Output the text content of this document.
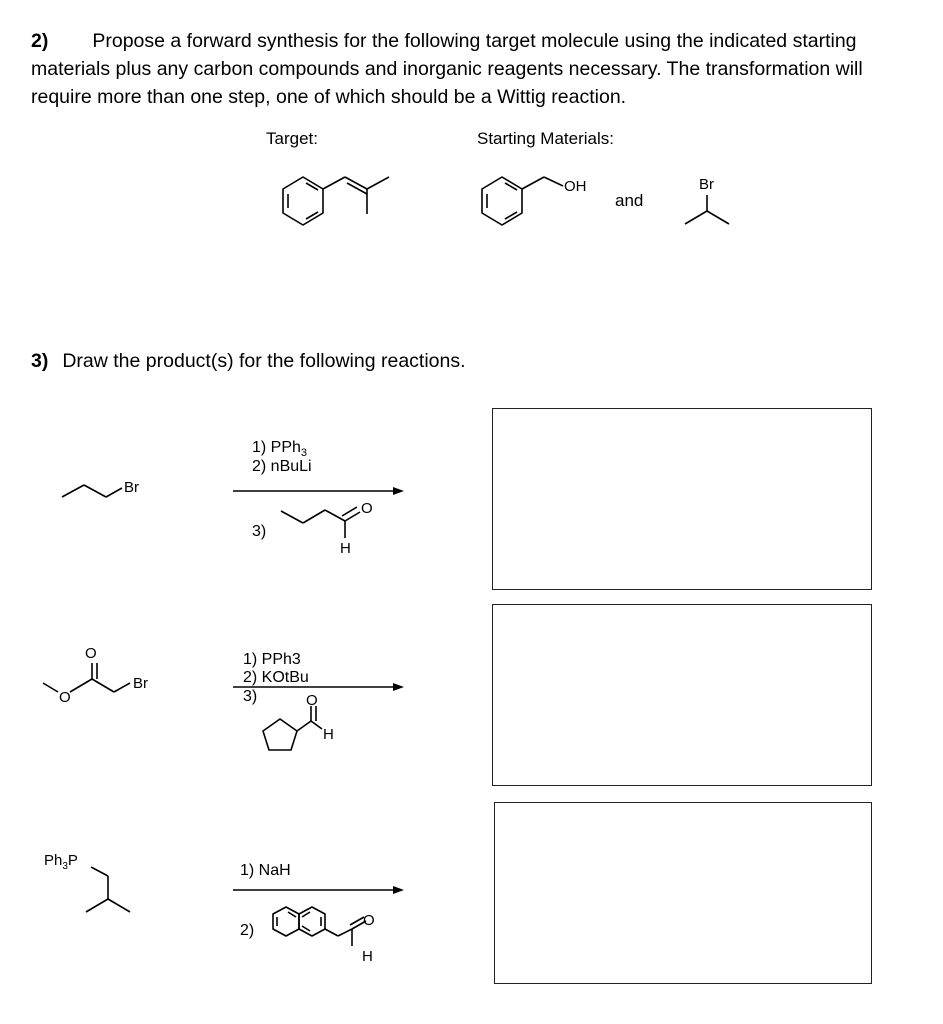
2) Propose a forward synthesis for the following target molecule using the indicated starting
materials plus any carbon compounds and inorganic reagents necessary. The transformation will
require more than one step, one of which should be a Wittig reaction.
Target:	Starting Materials:
OH
and
Br
3) Draw the product(s) for the following reactions.
Br
1) PPh$_3$
2) nBuLi
3)
O
H
O
O
Br
1) PPh3
2) KOtBu
3)	O
H
$Ph_3P$
1) NaH
2)
O
H
